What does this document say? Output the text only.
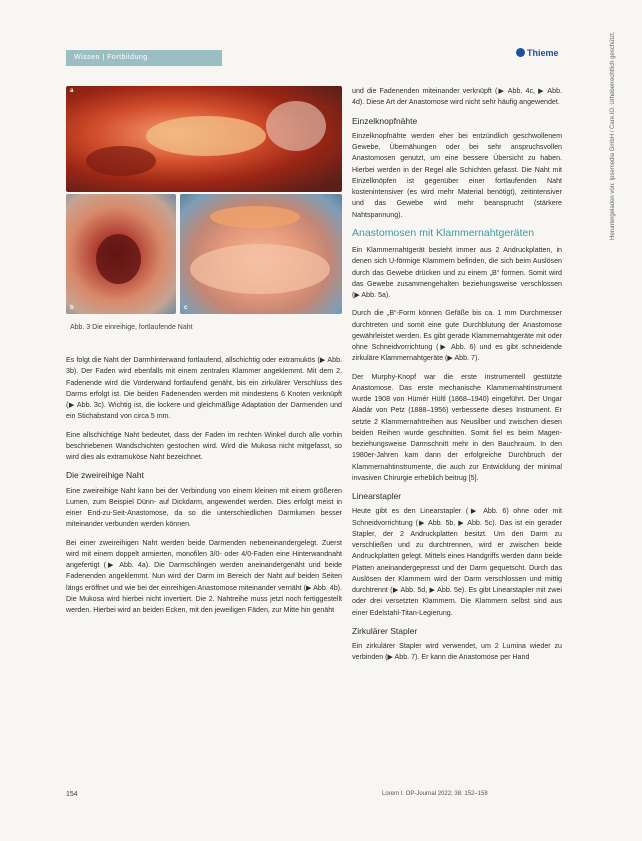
Wissen | Fortbildung	Thieme
a
b	c
Abb. 3 Die einreihige, fortlaufende Naht
Heruntergeladen von: Ipsemedia GmbH / Care.IO. Urheberrechtlich geschützt.

Es folgt die Naht der Darmhinterwand fortlaufend, allschichtig oder extramukös (▶ Abb. 3b). Der Faden wird ebenfalls mit einem zentralen Klammer angeklemmt. Mit dem 2. Fadenende wird die Vorderwand fortlaufend genäht, bis ein zirkulärer Verschluss des Darms erfolgt ist. Die beiden Fadenenden werden mit mindestens 6 Knoten verknüpft (▶ Abb. 3c). Wichtig ist, die lockere und gleichmäßige Adaptation der Darmenden und ein Stichabstand von circa 5 mm.

Eine allschichtige Naht bedeutet, dass der Faden im rechten Winkel durch alle vorhin beschriebenen Wandschichten gestochen wird. Wird die Mukosa nicht mitgefasst, so wird dies als extramuköse Naht bezeichnet.

Die zweireihige Naht

Eine zweireihige Naht kann bei der Verbindung von einem kleinen mit einem größeren Lumen, zum Beispiel Dünn- auf Dickdarm, angewendet werden. Dies erfolgt meist in einer End-zu-Seit-Anastomose, da so die unterschiedlichen Darmlumen besser miteinander verbunden werden können.

Bei einer zweireihigen Naht werden beide Darmenden nebeneinandergelegt. Zuerst wird mit einem doppelt armierten, monofilen 3/0- oder 4/0-Faden eine Hinterwandnaht angefertigt (▶ Abb. 4a). Die Darmschlingen werden aneinandergenäht und beide Fadenenden angeklemmt. Nun wird der Darm im Bereich der Naht auf beiden Seiten längs eröffnet und wie bei der einreihigen Anastomose miteinander vernäht (▶ Abb. 4b). Die Mukosa wird hierbei nicht invertiert. Die 2. Nahtreihe muss jetzt noch fertiggestellt werden. Hierbei wird an beiden Ecken, mit den jeweiligen Fäden, zur Mitte hin genäht

und die Fadenenden miteinander verknüpft (▶ Abb. 4c, ▶ Abb. 4d). Diese Art der Anastomose wird nicht sehr häufig angewendet.

Einzelknopfnähte

Einzelknopfnähte werden eher bei entzündlich geschwollenem Gewebe, Übernähungen oder bei sehr anspruchsvollen Anastomosen genutzt, um eine bessere Übersicht zu haben. Hierbei werden in der Regel alle Schichten gefasst. Die Naht mit Einzelknöpfen ist gegenüber einer fortlaufenden Naht kostenintensiver (es wird mehr Material benötigt), zeitintensiver und das Gewebe wird mehr beansprucht (stärkere Nahtspannung).

Anastomosen mit Klammernahtgeräten

Ein Klammernahtgerät besteht immer aus 2 Andruckplatten, in denen sich U-förmige Klammern befinden, die sich beim Auslösen durch das Gewebe drücken und zu einem „B“ formen. Somit wird das Gewebe zusammengehalten beziehungsweise verschlossen (▶ Abb. 5a).

Durch die „B“-Form können Gefäße bis ca. 1 mm Durchmesser durchtreten und somit eine gute Durchblutung der Anastomose gewährleistet werden. Es gibt gerade Klammernahtgeräte mit oder ohne Schneidvorrichtung (▶ Abb. 6) und es gibt schneidende zirkuläre Klammernahtgeräte (▶ Abb. 7).

Der Murphy-Knopf war die erste instrumentell gestützte Anastomose. Das erste mechanische Klammernahtinstrument wurde 1908 von Hümér Hültl (1868–1940) eingeführt. Der Ungar Aladár von Petz (1888–1956) verbesserte dieses Instrument. Er setzte 2 Klammernahtreihen aus Neusilber und zwischen diesen beiden Reihen wurde geschnitten. Somit fiel es beim Magen- beziehungsweise Darmschnitt mehr in den Bauchraum. In den 1980er-Jahren kam dann der erfolgreiche Durchbruch der Klammernahtinstrumente, die auch zur Entwicklung der minimal invasiven Chirurgie erheblich beitrug [5].

Linearstapler

Heute gibt es den Linearstapler (▶ Abb. 6) ohne oder mit Schneidvorrichtung (▶ Abb. 5b, ▶ Abb. 5c). Das ist ein gerader Stapler, der 2 Andruckplatten besitzt. Um den Darm zu verschließen und zu durchtrennen, wird er zwischen beide Andruckplatten gelegt. Mittels eines Handgriffs werden dann beide Platten aneinandergepresst und der Darm gequetscht. Durch das Auslösen der Klammern wird der Darm verschlossen und mittig durchtrennt (▶ Abb. 5d, ▶ Abb. 5e). Es gibt Linearstapler mit zwei oder drei versetzten Klammern. Die Klammern selbst sind aus einer Edelstahl-Titan-Legierung.

Zirkulärer Stapler

Ein zirkulärer Stapler wird verwendet, um 2 Lumina wieder zu verbinden (▶ Abb. 7). Er kann die Anastomose per Hand

154	Lorem I. OP-Journal 2022; 38: 152–158
